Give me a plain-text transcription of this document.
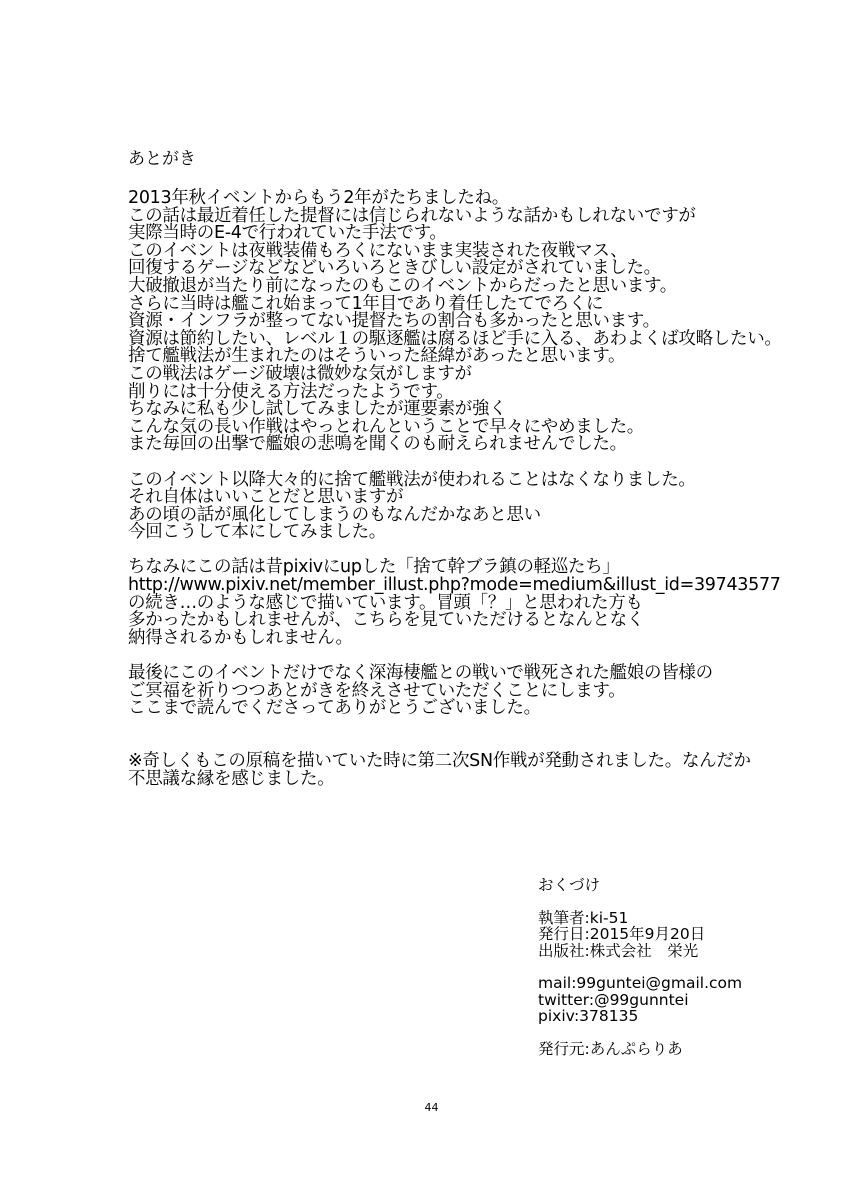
あとがき
2013年秋イベントからもう2年がたちましたね。
この話は最近着任した提督には信じられないような話かもしれないですが
実際当時のE-4で行われていた手法です。
このイベントは夜戦装備もろくにないまま実装された夜戦マス、
回復するゲージなどなどいろいろときびしい設定がされていました。
大破撤退が当たり前になったのもこのイベントからだったと思います。
さらに当時は艦これ始まって1年目であり着任したてでろくに
資源・インフラが整ってない提督たちの割合も多かったと思います。
資源は節約したい、レベル１の駆逐艦は腐るほど手に入る、あわよくば攻略したい。
捨て艦戦法が生まれたのはそういった経緯があったと思います。
この戦法はゲージ破壊は微妙な気がしますが
削りには十分使える方法だったようです。
ちなみに私も少し試してみましたが運要素が強く
こんな気の長い作戦はやっとれんということで早々にやめました。
また毎回の出撃で艦娘の悲鳴を聞くのも耐えられませんでした。
このイベント以降大々的に捨て艦戦法が使われることはなくなりました。
それ自体はいいことだと思いますが
あの頃の話が風化してしまうのもなんだかなあと思い
今回こうして本にしてみました。
ちなみにこの話は昔pixivにupした「捨て幹ブラ鎮の軽巡たち」
http://www.pixiv.net/member_illust.php?mode=medium&illust_id=39743577
の続き…のような感じで描いています。冒頭「？」と思われた方も
多かったかもしれませんが、こちらを見ていただけるとなんとなく
納得されるかもしれません。
最後にこのイベントだけでなく深海棲艦との戦いで戦死された艦娘の皆様の
ご冥福を祈りつつあとがきを終えさせていただくことにします。
ここまで読んでくださってありがとうございました。
※奇しくもこの原稿を描いていた時に第二次SN作戦が発動されました。なんだか
不思議な縁を感じました。
おくづけ
執筆者:ki-51
発行日:2015年9月20日
出版社:株式会社　栄光
mail:99guntei@gmail.com
twitter:@99gunntei
pixiv:378135
発行元:あんぷらりあ
44
